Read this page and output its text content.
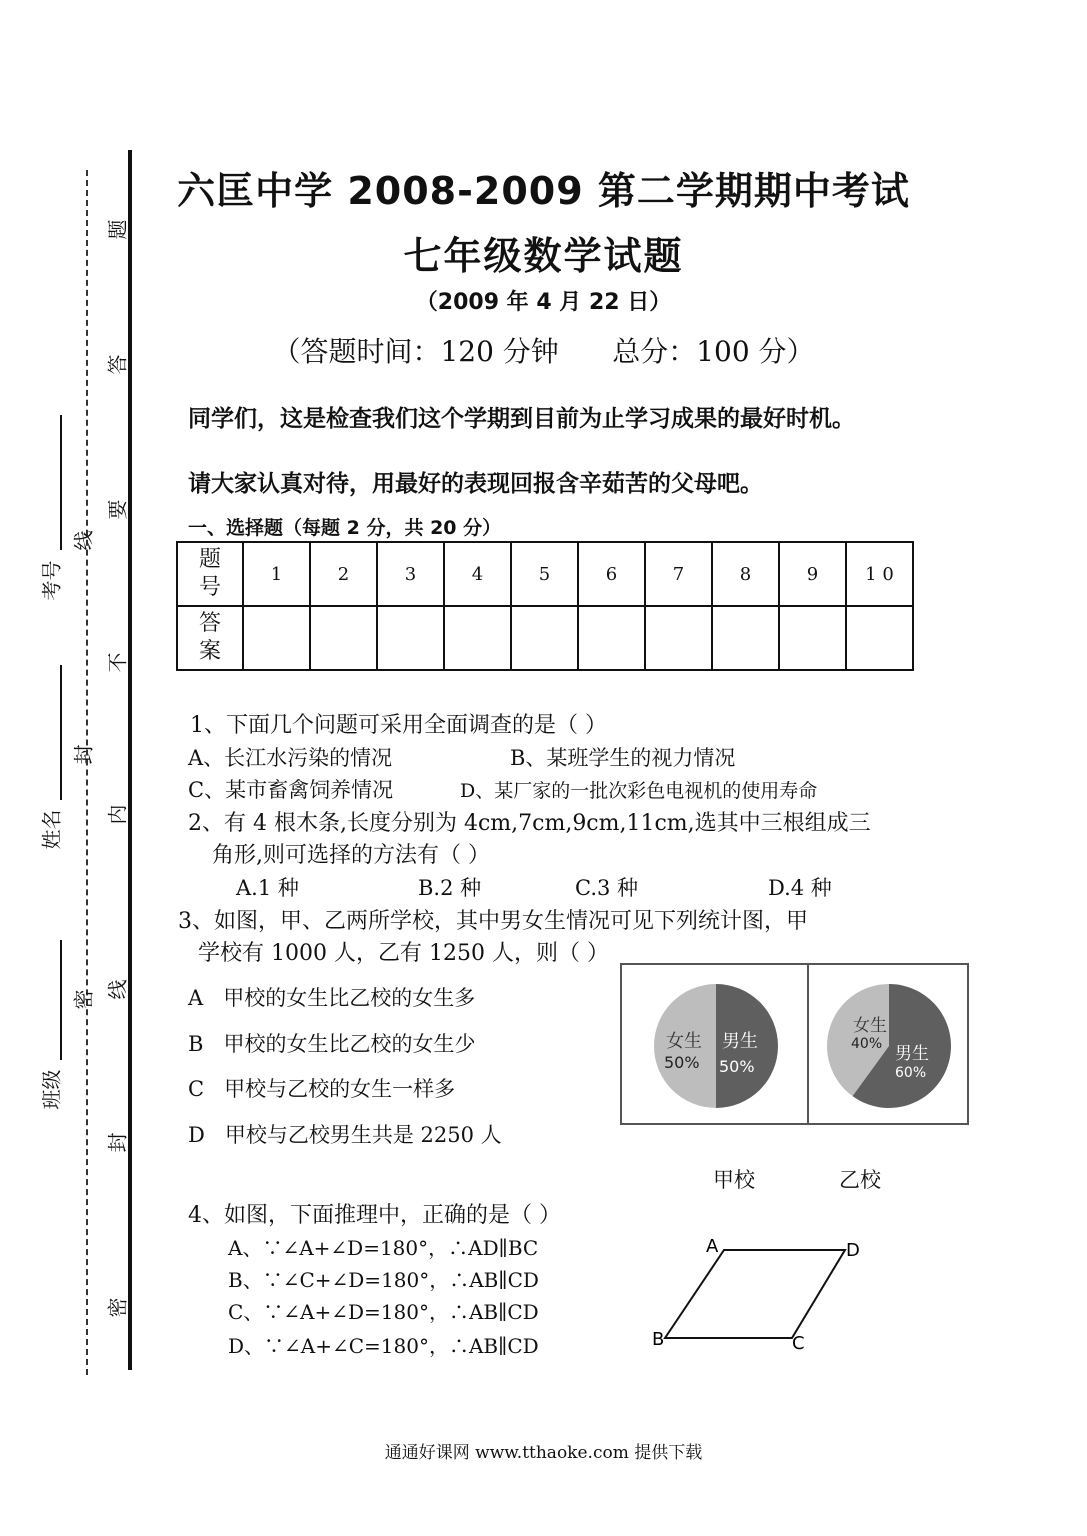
题
答
要
不
内
线
封
密
考号
线
姓名
封
班级
密
六匡中学 2008-2009 第二学期期中考试
七年级数学试题
（2009 年 4 月 22 日）
（答题时间：120 分钟      总分：100 分）
同学们，这是检查我们这个学期到目前为止学习成果的最好时机。
请大家认真对待，用最好的表现回报含辛茹苦的父母吧。
一、选择题（每题 2 分，共 20 分）
题号	1	2	3	4	5	6	7	8	9	1 0

答案										

1、下面几个问题可采用全面调查的是（ ）
A、长江水污染的情况	B、某班学生的视力情况
C、某市畜禽饲养情况	D、某厂家的一批次彩色电视机的使用寿命
2、有 4 根木条,长度分别为 4cm,7cm,9cm,11cm,选其中三根组成三
角形,则可选择的方法有（ ）
A.1 种	B.2 种	C.3 种	D.4 种
3、如图，甲、乙两所学校，其中男女生情况可见下列统计图，甲
学校有 1000 人，乙有 1250 人，则（ ）
A   甲校的女生比乙校的女生多
B   甲校的女生比乙校的女生少
C   甲校与乙校的女生一样多
D   甲校与乙校男生共是 2250 人
女生
50%
男生
50%
女生
40% 男生
60%
甲校	乙校
4、如图，下面推理中，正确的是（ ）
A、∵∠A+∠D=180°，∴AD∥BC
B、∵∠C+∠D=180°，∴AB∥CD
C、∵∠A+∠D=180°，∴AB∥CD
D、∵∠A+∠C=180°，∴AB∥CD
A	D
B	C
通通好课网 www.tthaoke.com 提供下载
